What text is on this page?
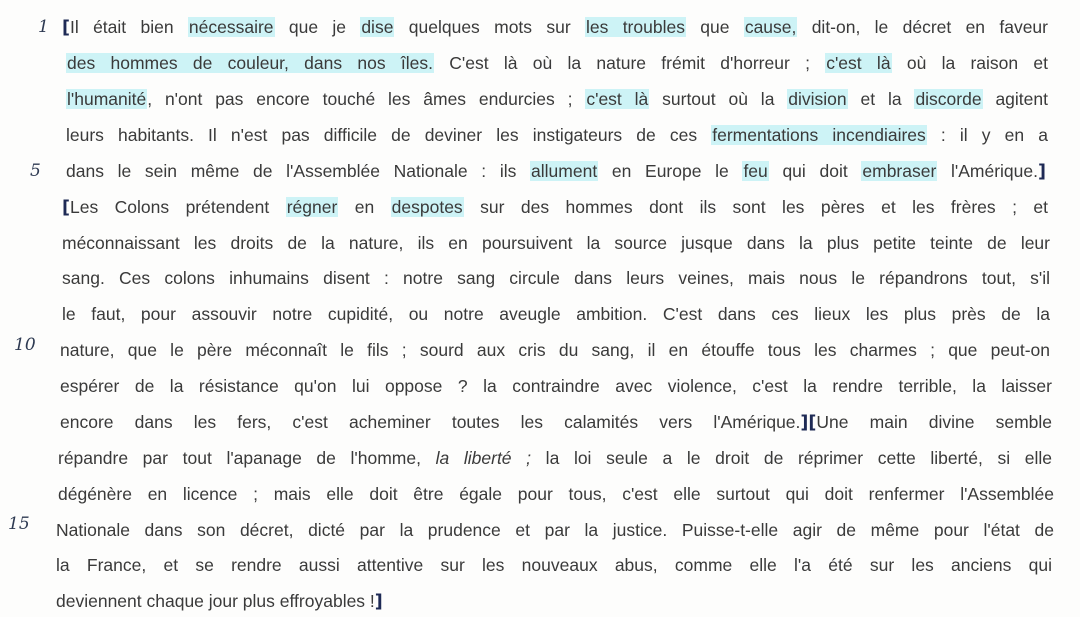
1
5
10
15
[Il était bien nécessaire que je dise quelques mots sur les troubles que cause, dit-on, le décret en faveur
des hommes de couleur, dans nos îles. C'est là où la nature frémit d'horreur ; c'est là où la raison et
l'humanité, n'ont pas encore touché les âmes endurcies ; c'est là surtout où la division et la discorde agitent
leurs habitants. Il n'est pas difficile de deviner les instigateurs de ces fermentations incendiaires : il y en a
dans le sein même de l'Assemblée Nationale : ils allument en Europe le feu qui doit embraser l'Amérique.]
[Les Colons prétendent régner en despotes sur des hommes dont ils sont les pères et les frères ; et
méconnaissant les droits de la nature, ils en poursuivent la source jusque dans la plus petite teinte de leur
sang. Ces colons inhumains disent : notre sang circule dans leurs veines, mais nous le répandrons tout, s'il
le faut, pour assouvir notre cupidité, ou notre aveugle ambition. C'est dans ces lieux les plus près de la
nature, que le père méconnaît le fils ; sourd aux cris du sang, il en étouffe tous les charmes ; que peut-on
espérer de la résistance qu'on lui oppose ? la contraindre avec violence, c'est la rendre terrible, la laisser
encore dans les fers, c'est acheminer toutes les calamités vers l'Amérique.][Une main divine semble
répandre par tout l'apanage de l'homme, la liberté ; la loi seule a le droit de réprimer cette liberté, si elle
dégénère en licence ; mais elle doit être égale pour tous, c'est elle surtout qui doit renfermer l'Assemblée
Nationale dans son décret, dicté par la prudence et par la justice. Puisse-t-elle agir de même pour l'état de
la France, et se rendre aussi attentive sur les nouveaux abus, comme elle l'a été sur les anciens qui
deviennent chaque jour plus effroyables !]
